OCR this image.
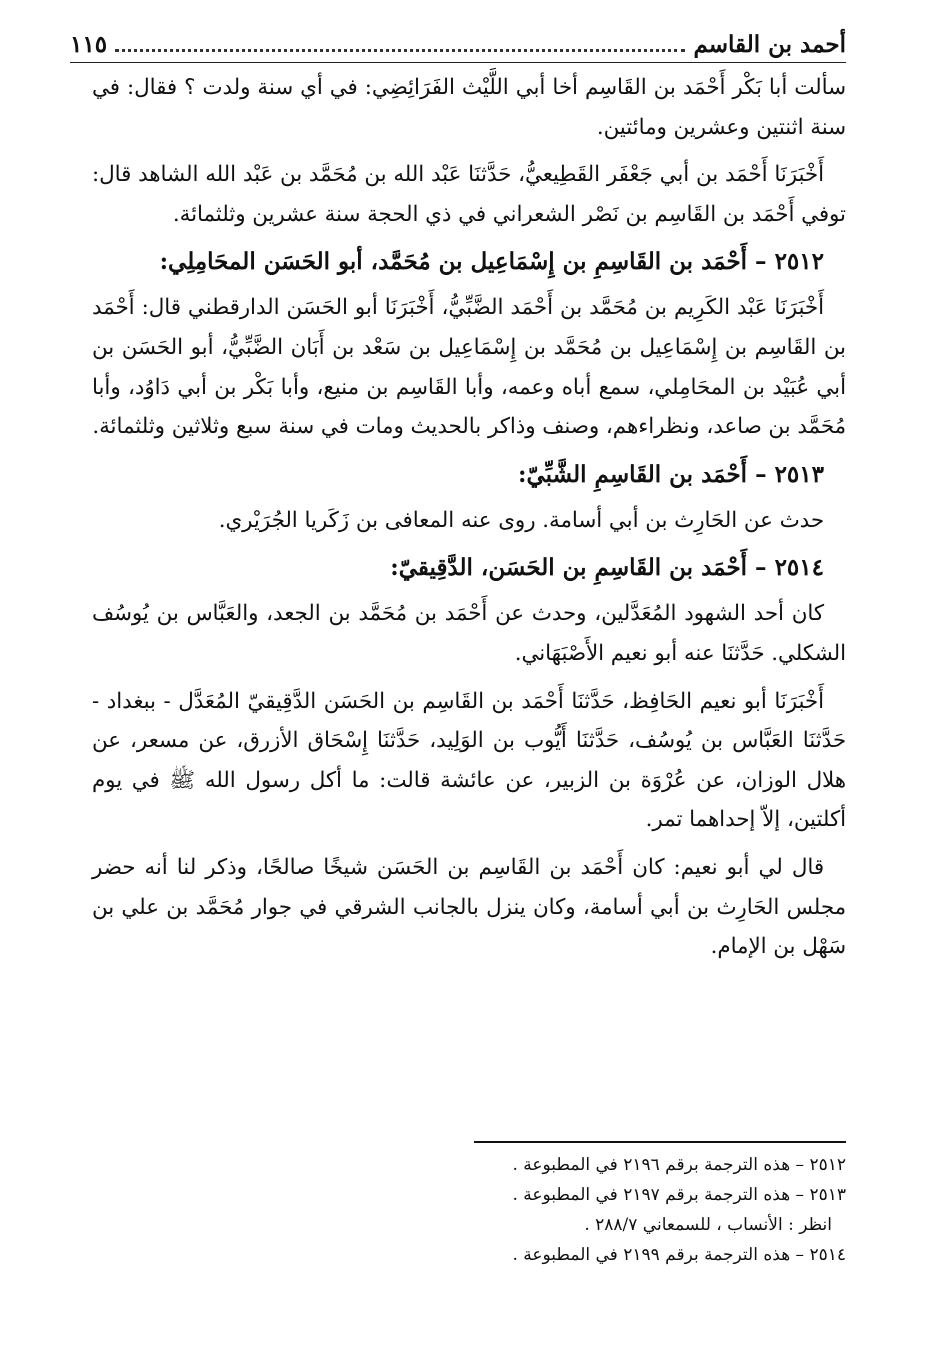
أحمد بن القاسم
١١٥

سألت أبا بَكْر أَحْمَد بن القَاسِم أخا أبي اللَّيْث الفَرَائِضِي: في أي سنة ولدت ؟ فقال: في سنة اثنتين وعشرين ومائتين.

أَخْبَرَنَا أَحْمَد بن أبي جَعْفَر القَطِيعيُّ، حَدَّثنَا عَبْد الله بن مُحَمَّد بن عَبْد الله الشاهد قال: توفي أَحْمَد بن القَاسِم بن نَصْر الشعراني في ذي الحجة سنة عشرين وثلثمائة.

٢٥١٢ – أَحْمَد بن القَاسِمِ بن إِسْمَاعِيل بن مُحَمَّد، أبو الحَسَن المحَامِلِي:

أَخْبَرَنَا عَبْد الكَرِيم بن مُحَمَّد بن أَحْمَد الضَّبِّيُّ، أَخْبَرَنَا أبو الحَسَن الدارقطني قال: أَحْمَد بن القَاسِم بن إِسْمَاعِيل بن مُحَمَّد بن إِسْمَاعِيل بن سَعْد بن أَبَان الضَّبِّيُّ، أبو الحَسَن بن أبي عُبَيْد بن المحَامِلي، سمع أباه وعمه، وأبا القَاسِم بن منيع، وأبا بَكْر بن أبي دَاوُد، وأبا مُحَمَّد بن صاعد، ونظراءهم، وصنف وذاكر بالحديث ومات في سنة سبع وثلاثين وثلثمائة.

٢٥١٣ – أَحْمَد بن القَاسِمِ الشَّبِّيّ:

حدث عن الحَارِث بن أبي أسامة. روى عنه المعافى بن زَكَريا الجُرَيْري.

٢٥١٤ – أَحْمَد بن القَاسِمِ بن الحَسَن، الدَّقِيقيّ:

كان أحد الشهود المُعَدَّلين، وحدث عن أَحْمَد بن مُحَمَّد بن الجعد، والعَبَّاس بن يُوسُف الشكلي. حَدَّثنَا عنه أبو نعيم الأَصْبَهَاني.

أَخْبَرَنَا أبو نعيم الحَافِظ، حَدَّثنَا أَحْمَد بن القَاسِم بن الحَسَن الدَّقِيقيّ المُعَدَّل - ببغداد - حَدَّثنَا العَبَّاس بن يُوسُف، حَدَّثنَا أَيُّوب بن الوَلِيد، حَدَّثنَا إِسْحَاق الأزرق، عن مسعر، عن هلال الوزان، عن عُرْوَة بن الزبير، عن عائشة قالت: ما أكل رسول الله ﷺ في يوم أكلتين، إلاّ إحداهما تمر.

قال لي أبو نعيم: كان أَحْمَد بن القَاسِم بن الحَسَن شيخًا صالحًا، وذكر لنا أنه حضر مجلس الحَارِث بن أبي أسامة، وكان ينزل بالجانب الشرقي في جوار مُحَمَّد بن علي بن سَهْل بن الإمام.

٢٥١٢ – هذه الترجمة برقم ٢١٩٦ في المطبوعة .
٢٥١٣ – هذه الترجمة برقم ٢١٩٧ في المطبوعة .
انظر : الأنساب ، للسمعاني ٢٨٨/٧ .
٢٥١٤ – هذه الترجمة برقم ٢١٩٩ في المطبوعة .
